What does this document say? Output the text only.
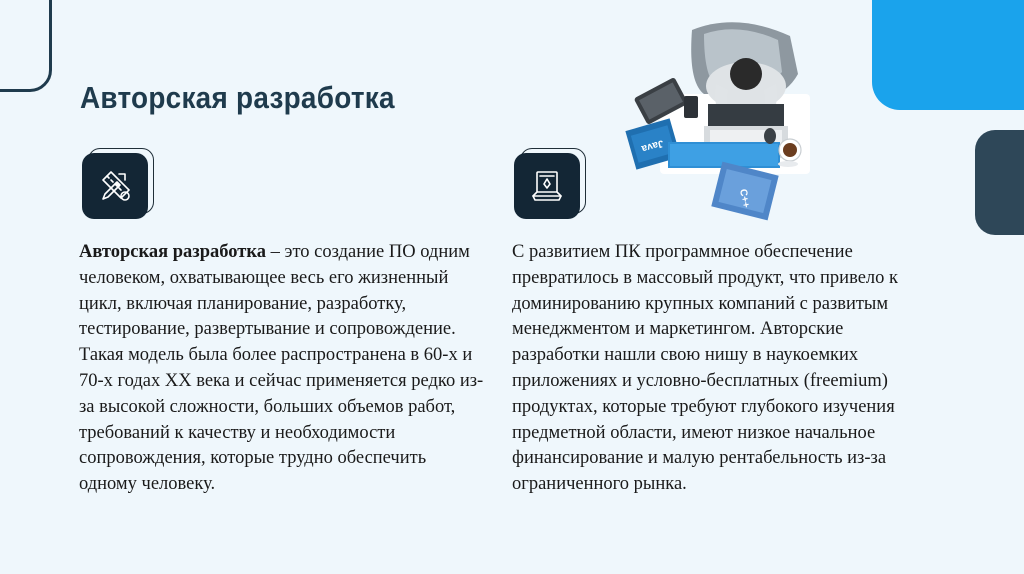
Авторская разработка
Java
C++

Авторская разработка – это создание ПО одним человеком, охватывающее весь его жизненный цикл, включая планирование, разработку, тестирование, развертывание и сопровождение. Такая модель была более распространена в 60-х и 70-х годах XX века и сейчас применяется редко из-за высокой сложности, больших объемов работ, требований к качеству и необходимости сопровождения, которые трудно обеспечить одному человеку.

С развитием ПК программное обеспечение превратилось в массовый продукт, что привело к доминированию крупных компаний с развитым менеджментом и маркетингом. Авторские разработки нашли свою нишу в наукоемких приложениях и условно-бесплатных (freemium) продуктах, которые требуют глубокого изучения предметной области, имеют низкое начальное финансирование и малую рентабельность из-за ограниченного рынка.
